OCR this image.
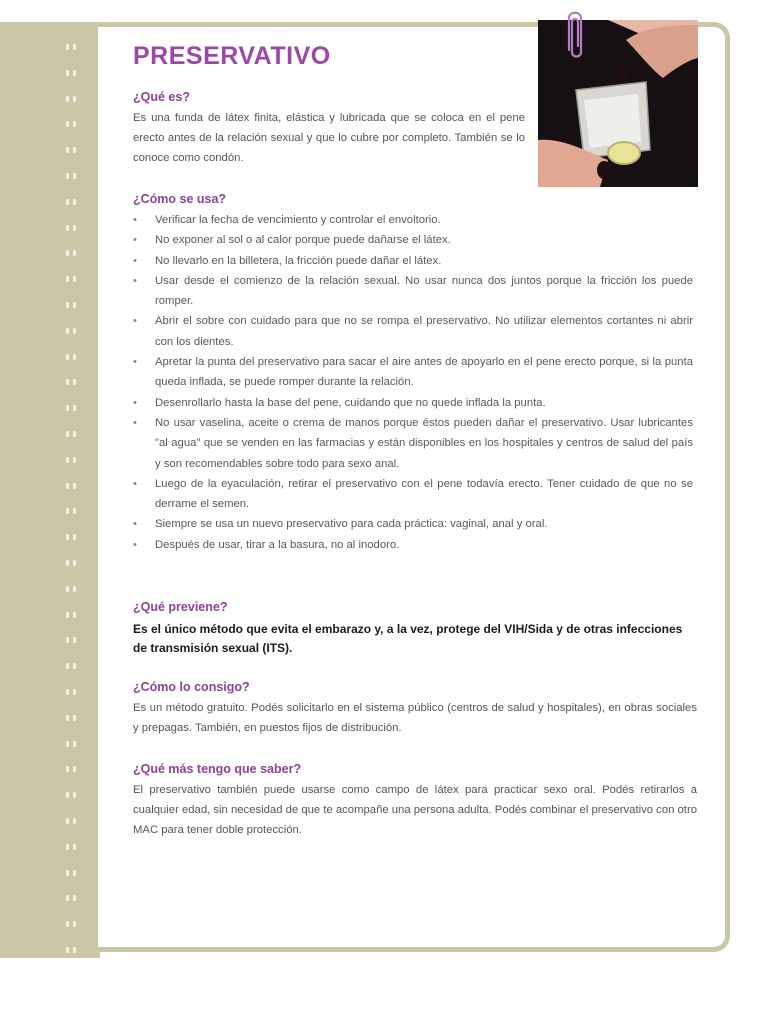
PRESERVATIVO
¿Qué es?

Es una funda de látex finita, elástica y lubricada que se coloca en el pene erecto antes de la relación sexual y que lo cubre por completo. También se lo conoce como condón.

¿Cómo se usa?
• Verificar la fecha de vencimiento y controlar el envoltorio.
• No exponer al sol o al calor porque puede dañarse el látex.
• No llevarlo en la billetera, la fricción puede dañar el látex.
• Usar desde el comienzo de la relación sexual. No usar nunca dos juntos porque la fricción los puede romper.
• Abrir el sobre con cuidado para que no se rompa el preservativo. No utilizar elementos cortantes ni abrir con los dientes.
• Apretar la punta del preservativo para sacar el aire antes de apoyarlo en el pene erecto porque, si la punta queda inflada, se puede romper durante la relación.
• Desenrollarlo hasta la base del pene, cuidando que no quede inflada la punta.
• No usar vaselina, aceite o crema de manos porque éstos pueden dañar el preservativo. Usar lubricantes "al agua" que se venden en las farmacias y están disponibles en los hospitales y centros de salud del país y son recomendables sobre todo para sexo anal.
• Luego de la eyaculación, retirar el preservativo con el pene todavía erecto. Tener cuidado de que no se derrame el semen.
• Siempre se usa un nuevo preservativo para cada práctica: vaginal, anal y oral.
• Después de usar, tirar a la basura, no al inodoro.
¿Qué previene?

Es el único método que evita el embarazo y, a la vez, protege del VIH/Sida y de otras infecciones de transmisión sexual (ITS).

¿Cómo lo consigo?

Es un método gratuito. Podés solicitarlo en el sistema público (centros de salud y hospitales), en obras sociales y prepagas. También, en puestos fijos de distribución.

¿Qué más tengo que saber?

El preservativo también puede usarse como campo de látex para practicar sexo oral. Podés retirarlos a cualquier edad, sin necesidad de que te acompañe una persona adulta. Podés combinar el preservativo con otro MAC para tener doble protección.
